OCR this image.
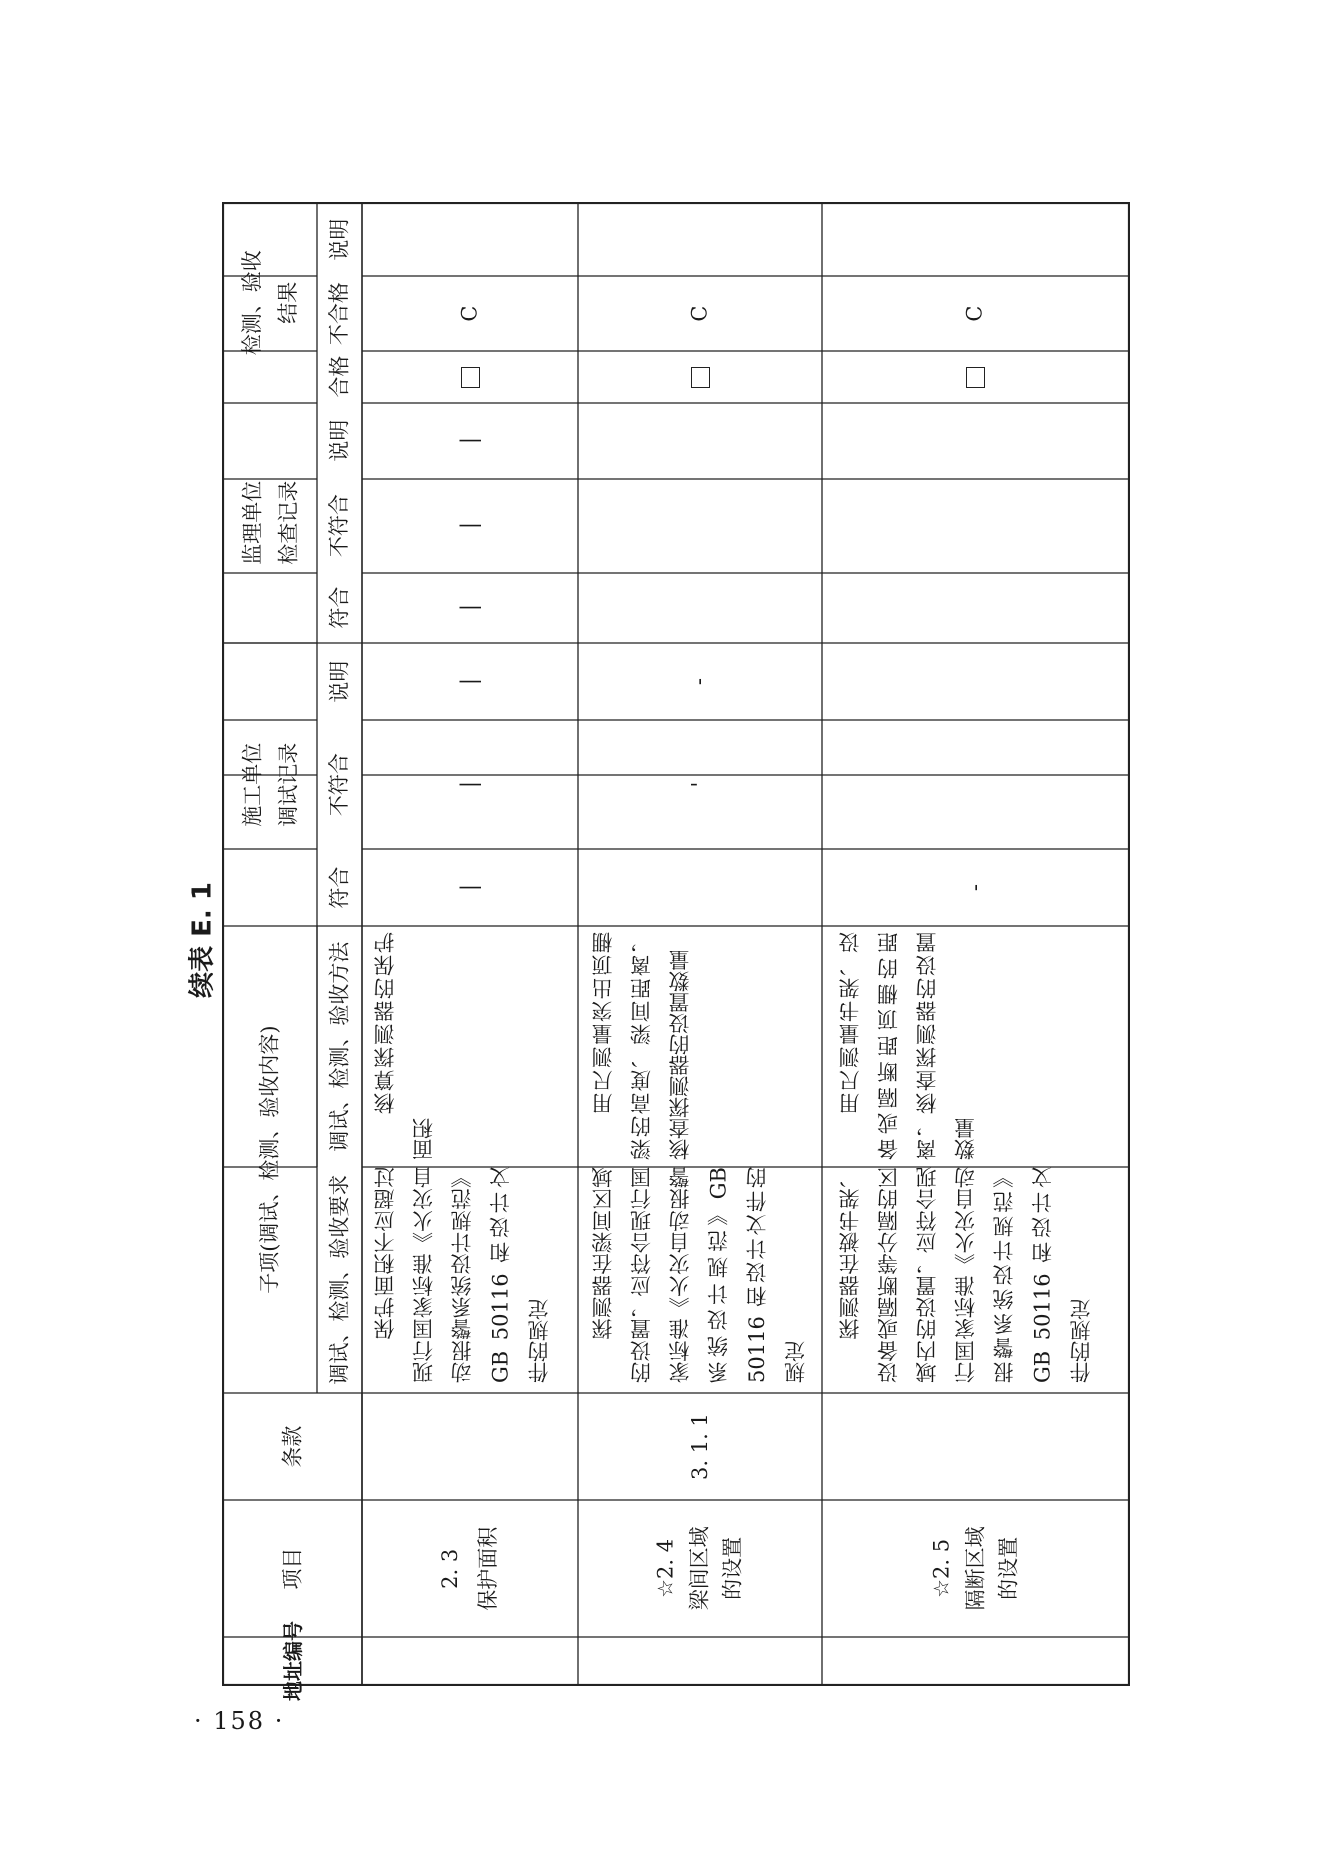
续表 E. 1
· 158 ·
地址编号
项目
条款
调试、检测、验收方法
调试、检测、验收要求
子项(调试、检测、验收内容)
施工单位
调试记录
符合
不符合
说明
监理单位
检查记录
符合
不符合
说明
检测、验收
结果
合格
不合格
说明
3. 1. 1
2. 3
保护面积
　　保护面积不应超过现行国家标准《火灾自动报警系统设计规范》GB 50116 和设计文件的规定
　　核算探测器的保护面积
☆2. 4
梁间区域
的设置
　　探测器在梁间区域的设置，应符合现行国家标准《火灾自动报警系统设计规范》GB 50116 和设计文件的规定
　　用尺测量突出顶棚梁的高度、梁间距离，核查探测器的设置数量
☆2. 5
隔断区域
的设置
　　探测器在被书架、设备或隔断等分隔的区域内的设置，应符合现行国家标准《火灾自动报警系统设计规范》GB 50116 和设计文件的规定
　　用尺测量书架、设备或隔断距顶棚的距离，核查探测器的设置数量
|
|
|
|
|
|
C
'
-
C
-
C
